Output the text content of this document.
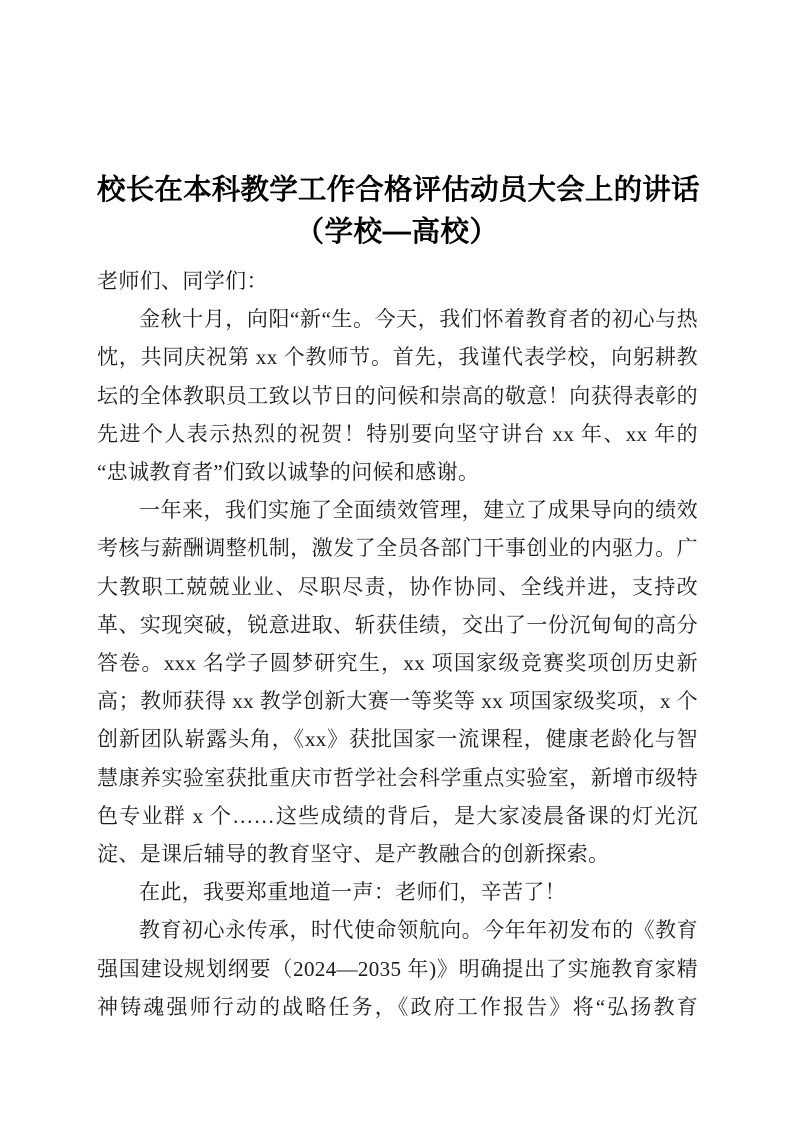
校长在本科教学工作合格评估动员大会上的讲话
（学校—高校）

老师们、同学们：

金秋十月，向阳“新“生。今天，我们怀着教育者的初心与热忱，共同庆祝第 xx 个教师节。首先，我谨代表学校，向躬耕教坛的全体教职员工致以节日的问候和崇高的敬意！向获得表彰的先进个人表示热烈的祝贺！特别要向坚守讲台 xx 年、xx 年的“忠诚教育者”们致以诚挚的问候和感谢。

一年来，我们实施了全面绩效管理，建立了成果导向的绩效考核与薪酬调整机制，激发了全员各部门干事创业的内驱力。广大教职工兢兢业业、尽职尽责，协作协同、全线并进，支持改革、实现突破，锐意进取、斩获佳绩，交出了一份沉甸甸的高分答卷。xxx 名学子圆梦研究生，xx 项国家级竞赛奖项创历史新高；教师获得 xx 教学创新大赛一等奖等 xx 项国家级奖项，x 个创新团队崭露头角，《xx》获批国家一流课程，健康老龄化与智慧康养实验室获批重庆市哲学社会科学重点实验室，新增市级特色专业群 x 个……这些成绩的背后，是大家凌晨备课的灯光沉淀、是课后辅导的教育坚守、是产教融合的创新探索。

在此，我要郑重地道一声：老师们，辛苦了！

教育初心永传承，时代使命领航向。今年年初发布的《教育强国建设规划纲要（2024—2035 年)》明确提出了实施教育家精神铸魂强师行动的战略任务，《政府工作报告》将“弘扬教育
